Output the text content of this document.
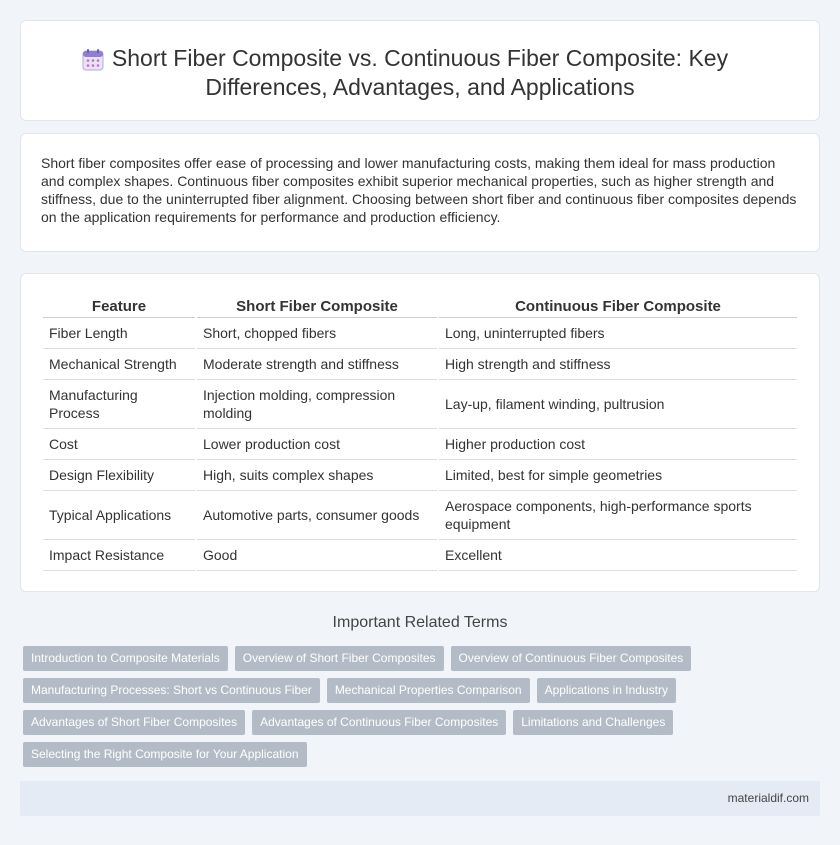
Short Fiber Composite vs. Continuous Fiber Composite: Key Differences, Advantages, and Applications

Short fiber composites offer ease of processing and lower manufacturing costs, making them ideal for mass production and complex shapes. Continuous fiber composites exhibit superior mechanical properties, such as higher strength and stiffness, due to the uninterrupted fiber alignment. Choosing between short fiber and continuous fiber composites depends on the application requirements for performance and production efficiency.

Feature	Short Fiber Composite	Continuous Fiber Composite
Fiber Length	Short, chopped fibers	Long, uninterrupted fibers
Mechanical Strength	Moderate strength and stiffness	High strength and stiffness
Manufacturing Process	Injection molding, compression molding	Lay-up, filament winding, pultrusion
Cost	Lower production cost	Higher production cost
Design Flexibility	High, suits complex shapes	Limited, best for simple geometries
Typical Applications	Automotive parts, consumer goods	Aerospace components, high-performance sports equipment
Impact Resistance	Good	Excellent
Important Related Terms
Introduction to Composite Materials	Overview of Short Fiber Composites	Overview of Continuous Fiber Composites
Manufacturing Processes: Short vs Continuous Fiber	Mechanical Properties Comparison	Applications in Industry
Advantages of Short Fiber Composites	Advantages of Continuous Fiber Composites	Limitations and Challenges
Selecting the Right Composite for Your Application
materialdif.com
